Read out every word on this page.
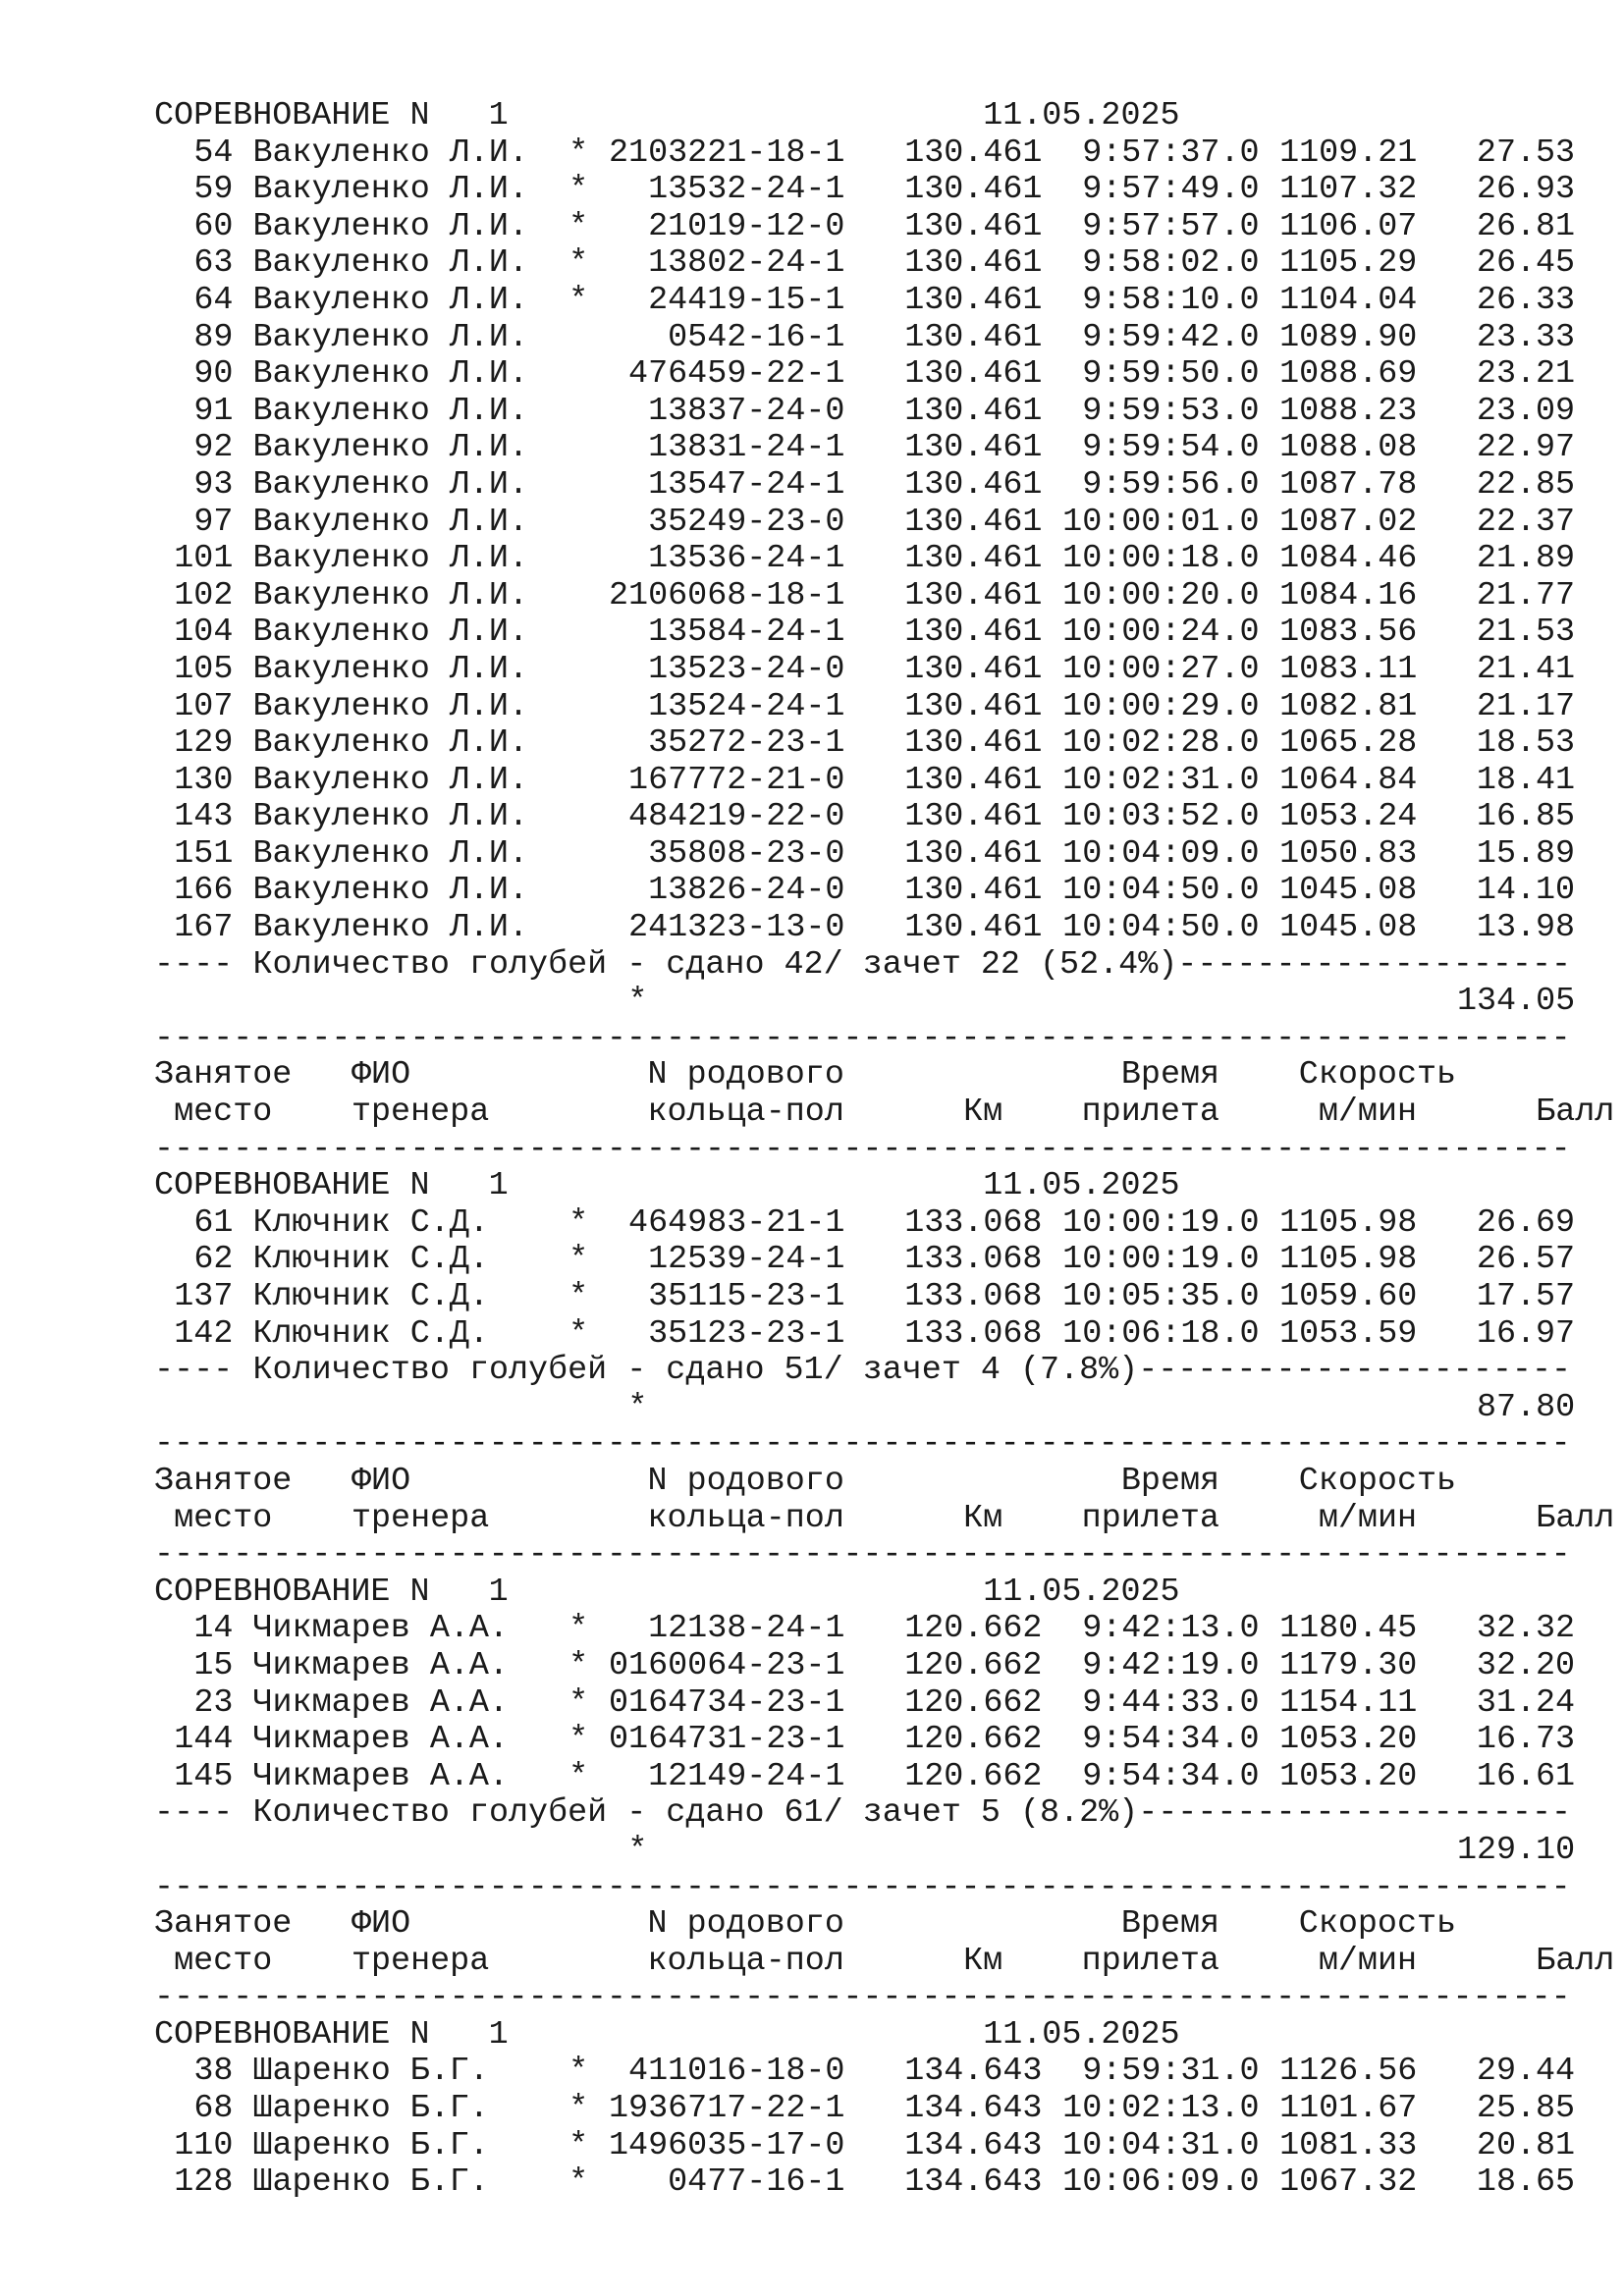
СОРЕВНОВАНИЕ N   1	11.05.2025
54 Вакуленко Л.И. * 2103221-18-1 130.461 9:57:37.0 1109.21 27.53
59 Вакуленко Л.И. * 13532-24-1 130.461 9:57:49.0 1107.32 26.93
60 Вакуленко Л.И. * 21019-12-0 130.461 9:57:57.0 1106.07 26.81
63 Вакуленко Л.И. * 13802-24-1 130.461 9:58:02.0 1105.29 26.45
64 Вакуленко Л.И. * 24419-15-1 130.461 9:58:10.0 1104.04 26.33
89 Вакуленко Л.И.	0542-16-1 130.461 9:59:42.0 1089.90 23.33
90 Вакуленко Л.И.	476459-22-1 130.461 9:59:50.0 1088.69 23.21
91 Вакуленко Л.И.	13837-24-0 130.461 9:59:53.0 1088.23 23.09
92 Вакуленко Л.И.	13831-24-1 130.461 9:59:54.0 1088.08 22.97
93 Вакуленко Л.И.	13547-24-1 130.461 9:59:56.0 1087.78 22.85
97 Вакуленко Л.И.	35249-23-0 130.461 10:00:01.0 1087.02 22.37
101 Вакуленко Л.И.	13536-24-1 130.461 10:00:18.0 1084.46 21.89
102 Вакуленко Л.И. 2106068-18-1 130.461 10:00:20.0 1084.16 21.77
104 Вакуленко Л.И.	13584-24-1 130.461 10:00:24.0 1083.56 21.53
105 Вакуленко Л.И.	13523-24-0 130.461 10:00:27.0 1083.11 21.41
107 Вакуленко Л.И.	13524-24-1 130.461 10:00:29.0 1082.81 21.17
129 Вакуленко Л.И.	35272-23-1 130.461 10:02:28.0 1065.28 18.53
130 Вакуленко Л.И.	167772-21-0 130.461 10:02:31.0 1064.84 18.41
143 Вакуленко Л.И.	484219-22-0 130.461 10:03:52.0 1053.24 16.85
151 Вакуленко Л.И.	35808-23-0 130.461 10:04:09.0 1050.83 15.89
166 Вакуленко Л.И.	13826-24-0 130.461 10:04:50.0 1045.08 14.10
167 Вакуленко Л.И.	241323-13-0 130.461 10:04:50.0 1045.08 13.98
---- Количество голубей - сдано 42/ зачет 22 (52.4%)--------------------
*	134.05
------------------------------------------------------------------------
Занятое ФИО	N родового	Время Скорость
место тренера	кольца-пол	Км прилета	м/мин	Балл
------------------------------------------------------------------------
СОРЕВНОВАНИЕ N   1	11.05.2025
61 Ключник С.Д. * 464983-21-1 133.068 10:00:19.0 1105.98 26.69
62 Ключник С.Д. * 12539-24-1 133.068 10:00:19.0 1105.98 26.57
137 Ключник С.Д. * 35115-23-1 133.068 10:05:35.0 1059.60 17.57
142 Ключник С.Д. * 35123-23-1 133.068 10:06:18.0 1053.59 16.97
---- Количество голубей - сдано 51/ зачет 4 (7.8%)----------------------
*	87.80
------------------------------------------------------------------------
Занятое ФИО	N родового	Время Скорость
место тренера	кольца-пол	Км прилета	м/мин	Балл
------------------------------------------------------------------------
СОРЕВНОВАНИЕ N   1	11.05.2025
14 Чикмарев А.А. * 12138-24-1 120.662 9:42:13.0 1180.45 32.32
15 Чикмарев А.А. * 0160064-23-1 120.662 9:42:19.0 1179.30 32.20
23 Чикмарев А.А. * 0164734-23-1 120.662 9:44:33.0 1154.11 31.24
144 Чикмарев А.А. * 0164731-23-1 120.662 9:54:34.0 1053.20 16.73
145 Чикмарев А.А. * 12149-24-1 120.662 9:54:34.0 1053.20 16.61
---- Количество голубей - сдано 61/ зачет 5 (8.2%)----------------------
*	129.10
------------------------------------------------------------------------
Занятое ФИО	N родового	Время Скорость
место тренера	кольца-пол	Км прилета	м/мин	Балл
------------------------------------------------------------------------
СОРЕВНОВАНИЕ N   1	11.05.2025
38 Шаренко Б.Г. * 411016-18-0 134.643 9:59:31.0 1126.56 29.44
68 Шаренко Б.Г. * 1936717-22-1 134.643 10:02:13.0 1101.67 25.85
110 Шаренко Б.Г. * 1496035-17-0 134.643 10:04:31.0 1081.33 20.81
128 Шаренко Б.Г. * 0477-16-1 134.643 10:06:09.0 1067.32 18.65
